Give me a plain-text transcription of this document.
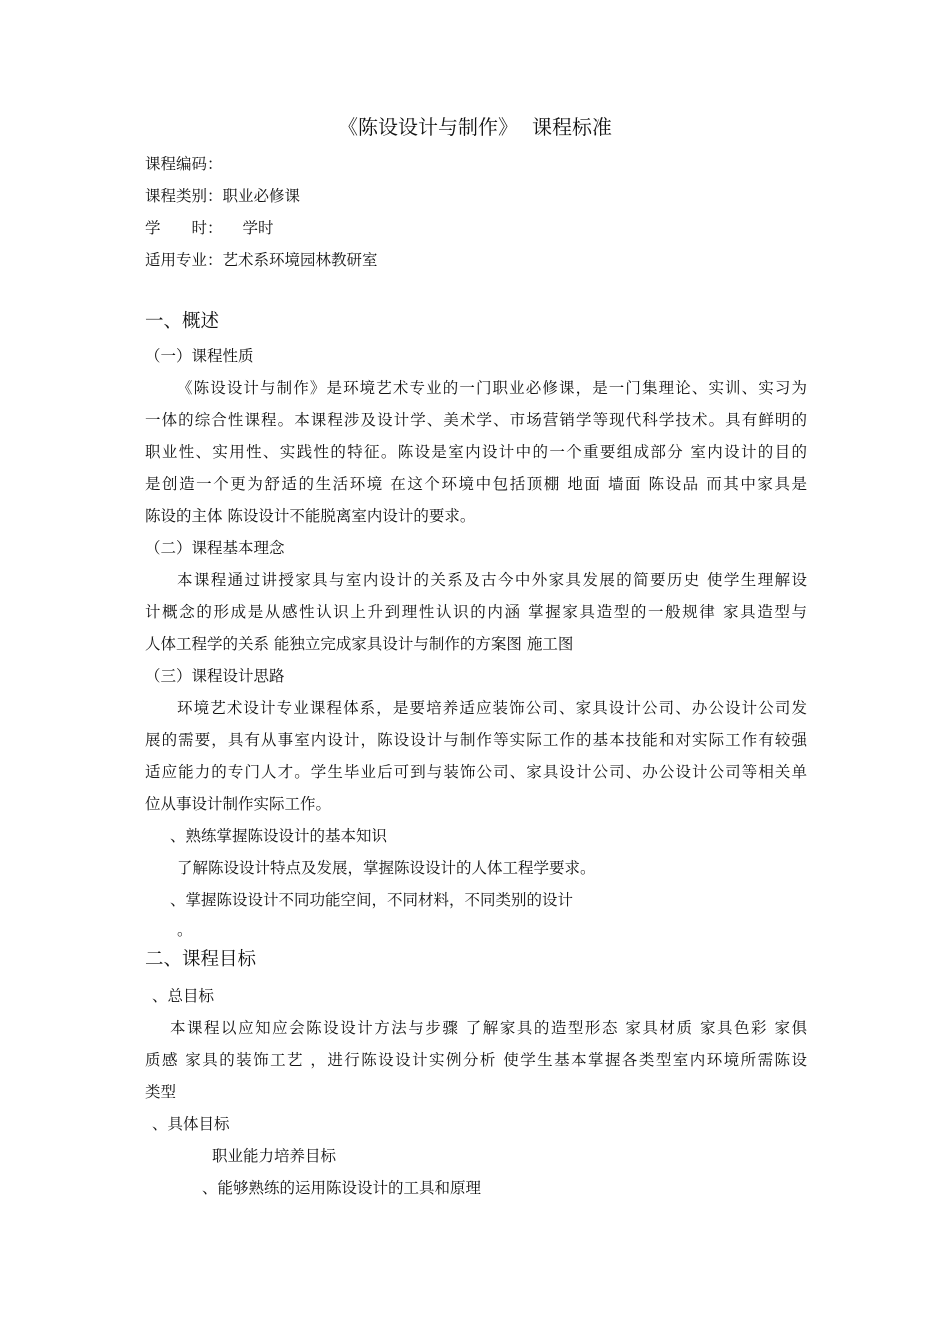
《陈设设计与制作》 课程标准
课程编码：
课程类别：职业必修课
学　　时： 学时
适用专业：艺术系环境园林教研室
一、概述
（一）课程性质
《陈设设计与制作》是环境艺术专业的一门职业必修课，是一门集理论、实训、实习为
一体的综合性课程。本课程涉及设计学、美术学、市场营销学等现代科学技术。具有鲜明的
职业性、实用性、实践性的特征。陈设是室内设计中的一个重要组成部分 室内设计的目的
是创造一个更为舒适的生活环境 在这个环境中包括顶棚 地面 墙面 陈设品 而其中家具是
陈设的主体 陈设设计不能脱离室内设计的要求。
（二）课程基本理念
本课程通过讲授家具与室内设计的关系及古今中外家具发展的简要历史 使学生理解设
计概念的形成是从感性认识上升到理性认识的内涵 掌握家具造型的一般规律 家具造型与
人体工程学的关系 能独立完成家具设计与制作的方案图 施工图
（三）课程设计思路
环境艺术设计专业课程体系，是要培养适应装饰公司、家具设计公司、办公设计公司发
展的需要，具有从事室内设计，陈设设计与制作等实际工作的基本技能和对实际工作有较强
适应能力的专门人才。学生毕业后可到与装饰公司、家具设计公司、办公设计公司等相关单
位从事设计制作实际工作。
、熟练掌握陈设设计的基本知识
了解陈设设计特点及发展，掌握陈设设计的人体工程学要求。
、掌握陈设设计不同功能空间，不同材料，不同类别的设计
。
二、课程目标
、总目标
本课程以应知应会陈设设计方法与步骤 了解家具的造型形态 家具材质 家具色彩 家俱
质感 家具的装饰工艺 ，进行陈设设计实例分析 使学生基本掌握各类型室内环境所需陈设
类型
、具体目标
职业能力培养目标
、能够熟练的运用陈设设计的工具和原理
